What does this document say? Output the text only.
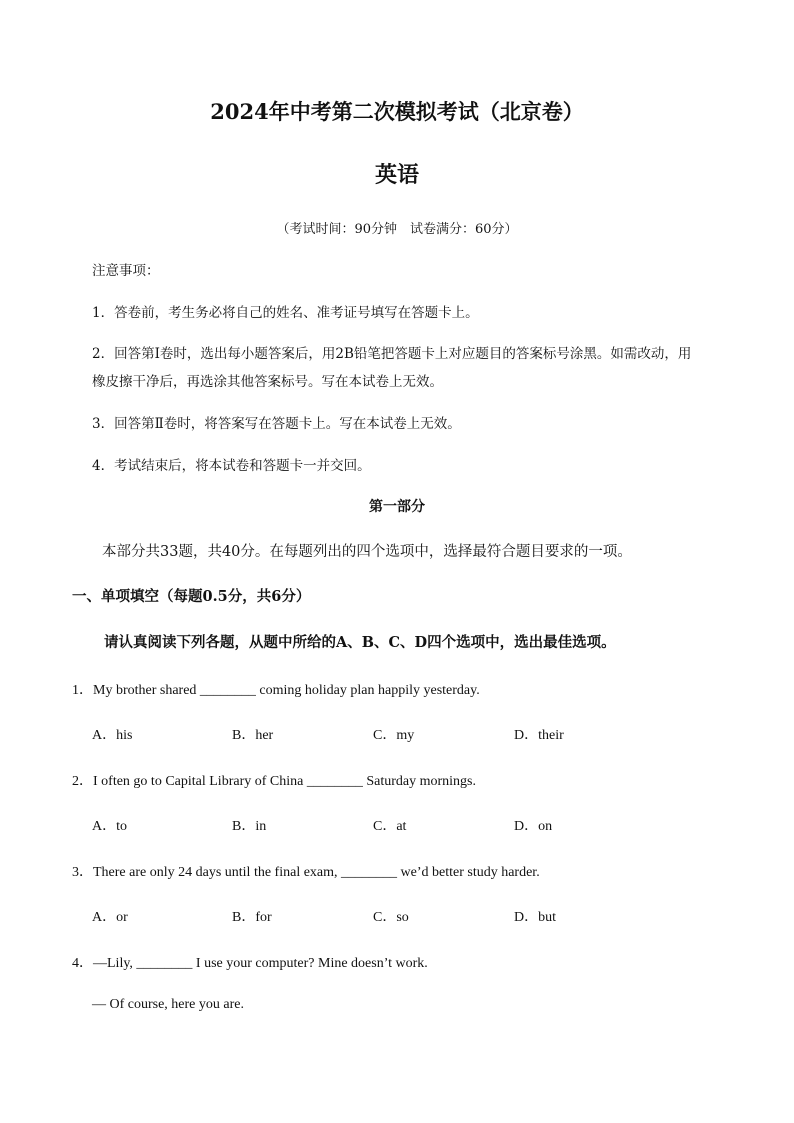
2024年中考第二次模拟考试（北京卷）
英语
（考试时间：90分钟　试卷满分：60分）
注意事项：
1．答卷前，考生务必将自己的姓名、准考证号填写在答题卡上。
2．回答第Ⅰ卷时，选出每小题答案后，用2B铅笔把答题卡上对应题目的答案标号涂黑。如需改动，用
橡皮擦干净后，再选涂其他答案标号。写在本试卷上无效。
3．回答第Ⅱ卷时，将答案写在答题卡上。写在本试卷上无效。
4．考试结束后，将本试卷和答题卡一并交回。
第一部分
本部分共33题，共40分。在每题列出的四个选项中，选择最符合题目要求的一项。
一、单项填空（每题0.5分，共6分）
请认真阅读下列各题，从题中所给的A、B、C、D四个选项中，选出最佳选项。
1．My brother shared ________ coming holiday plan happily yesterday.
A．his	B．her	C．my	D．their
2．I often go to Capital Library of China ________ Saturday mornings.
A．to	B．in	C．at	D．on
3．There are only 24 days until the final exam, ________ we’d better study harder.
A．or	B．for	C．so	D．but
4．—Lily, ________ I use your computer? Mine doesn’t work.
— Of course, here you are.
